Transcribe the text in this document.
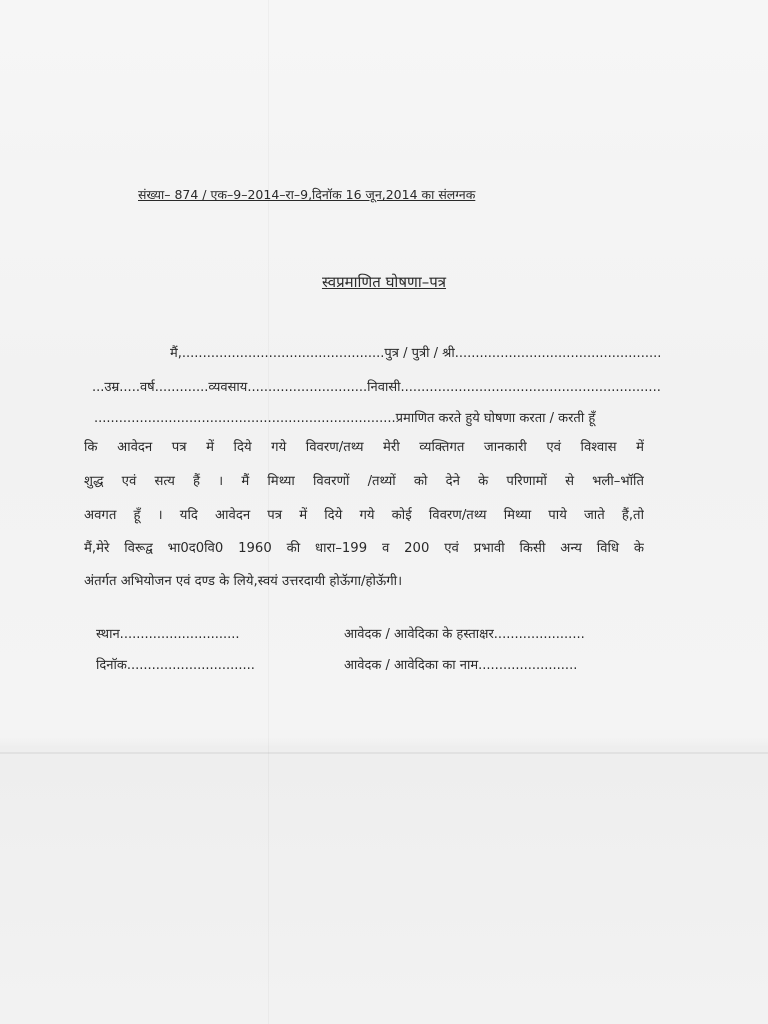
संख्या– 874 / एक–9–2014–रा–9,दिनॉक 16 जून,2014 का संलग्नक
स्वप्रमाणित घोषणा–पत्र
मैं,.................................................पुत्र / पुत्री / श्री..................................................
...उम्र.....वर्ष.............व्यवसाय.............................निवासी...............................................................
.........................................................................प्रमाणित करते हुये घोषणा करता / करती हूँ
कि आवेदन पत्र में दिये गये विवरण/तथ्य मेरी व्यक्तिगत जानकारी एवं विश्वास में
शुद्ध एवं सत्य हैं । मैं मिथ्या विवरणों /तथ्यों को देने के परिणामों से भली–भॉति
अवगत हूँ । यदि आवेदन पत्र में दिये गये कोई विवरण/तथ्य मिथ्या पाये जाते हैं,तो
मैं,मेरे विरूद्व भा0द0वि0 1960 की धारा–199 व 200 एवं प्रभावी किसी अन्य विधि के
अंतर्गत अभियोजन एवं दण्ड के लिये,स्वयं उत्तरदायी होऊॅगा/होऊॅगी।
स्थान.............................	आवेदक / आवेदिका के हस्ताक्षर......................
दिनॉक...............................	आवेदक / आवेदिका का नाम........................
